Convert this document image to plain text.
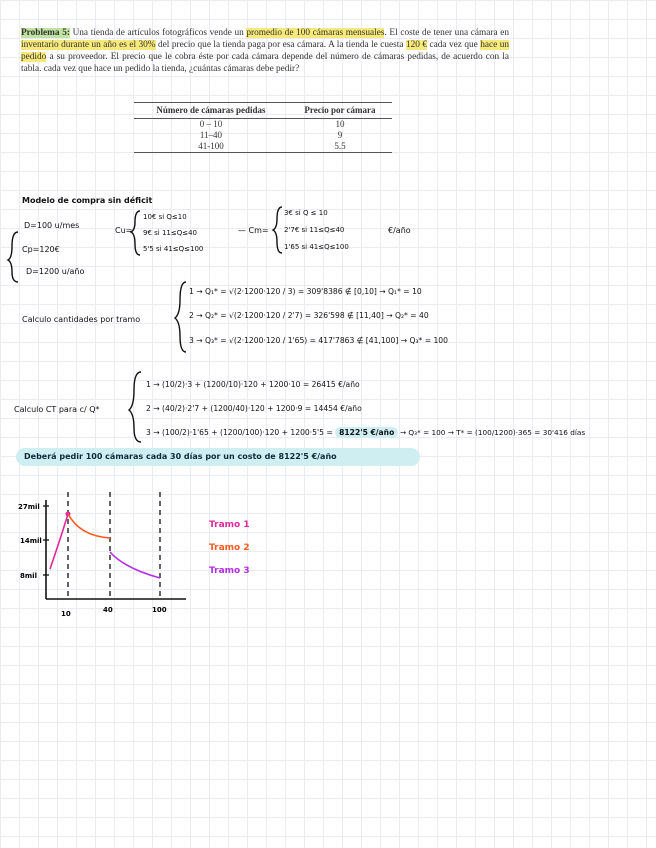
Problema 5: Una tienda de artículos fotográficos vende un promedio de 100 cámaras mensuales. El coste de tener una cámara en inventario durante un año es el 30% del precio que la tienda paga por esa cámara. A la tienda le cuesta 120 € cada vez que hace un pedido a su proveedor. El precio que le cobra éste por cada cámara depende del número de cámaras pedidas, de acuerdo con la tabla. cada vez que hace un pedido la tienda, ¿cuántas cámaras debe pedir?
Número de cámaras pedidas	Precio por cámara
0 – 10	10
11–40	9
41-100	5.5
Modelo de compra sin déficit
D=100 u/mes
Cp=120€
D=1200 u/año
Cu=
10€ si Q≤10
9€ si 11≤Q≤40
5'5 si 41≤Q≤100
— Cm=
3€ si Q ≤ 10
2'7€ si 11≤Q≤40
1'65 si 41≤Q≤100
€/año
Calculo cantidades por tramo
1 → Q₁* = √(2·1200·120 / 3) = 309'8386 ∉ [0,10] → Q₁* = 10
2 → Q₂* = √(2·1200·120 / 2'7) = 326'598 ∉ [11,40] → Q₂* = 40
3 → Q₃* = √(2·1200·120 / 1'65) = 417'7863 ∉ [41,100] → Q₃* = 100
Calculo CT para c/ Q*
1 → (10/2)·3 + (1200/10)·120 + 1200·10 = 26415 €/año
2 → (40/2)·2'7 + (1200/40)·120 + 1200·9 = 14454 €/año
3 → (100/2)·1'65 + (1200/100)·120 + 1200·5'5 = 8122'5 €/año → Q₃* = 100 → T* = (100/1200)·365 = 30'416 días
Deberá pedir 100 cámaras cada 30 días por un costo de 8122'5 €/año
27mil
14mil
8mil
10	40	100
Tramo 1
Tramo 2
Tramo 3
